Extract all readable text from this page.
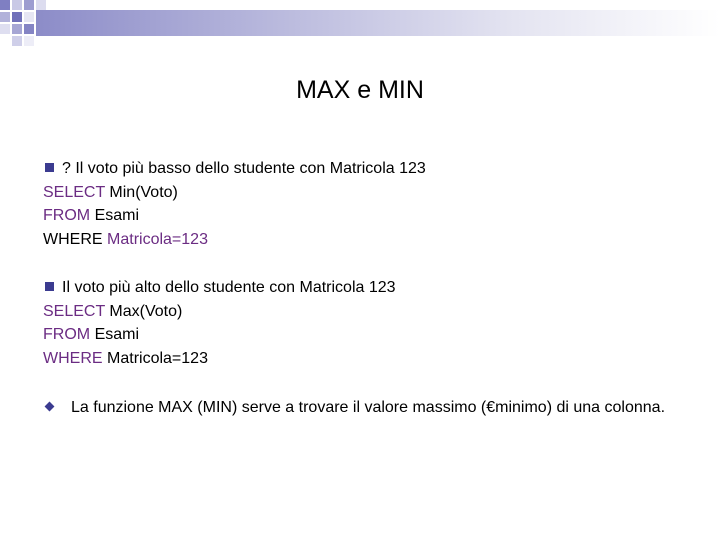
MAX e MIN
? Il voto più basso dello studente con Matricola 123
SELECT Min(Voto)
FROM Esami
WHERE Matricola=123
Il voto più alto dello studente con Matricola 123
SELECT Max(Voto)
FROM Esami
WHERE Matricola=123
La funzione MAX (MIN) serve a trovare il valore massimo (€minimo) di una colonna.
